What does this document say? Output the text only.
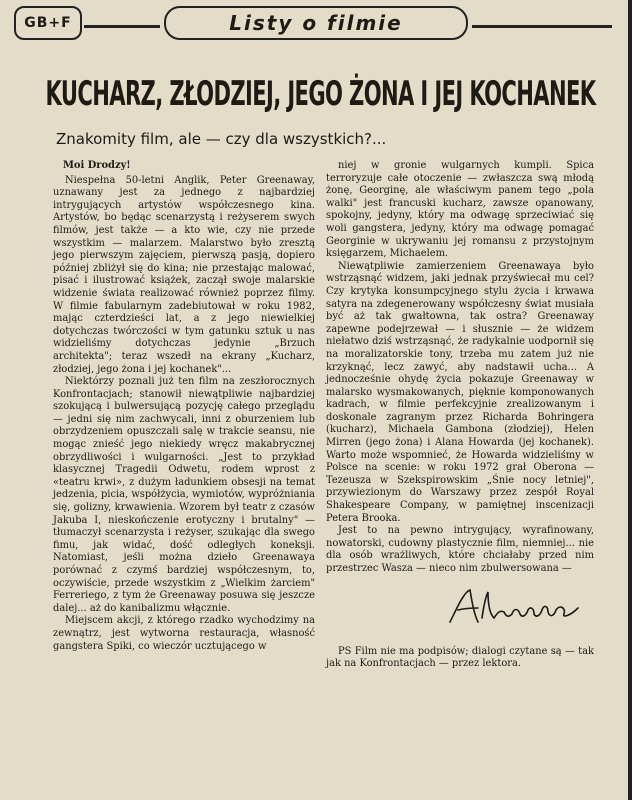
GB+F	Listy o filmie
KUCHARZ, ZŁODZIEJ, JEGO ŻONA I JEJ KOCHANEK
Znakomity film, ale — czy dla wszystkich?...

Moi Drodzy!

Niespełna 50-letni Anglik, Peter Greenaway, uznawany jest za jednego z najbardziej intrygujących artystów współczesnego kina. Artystów, bo będąc scenarzystą i reżyserem swych filmów, jest także — a kto wie, czy nie przede wszystkim — malarzem. Malarstwo było zresztą jego pierwszym zajęciem, pierwszą pasją, dopiero później zbliżył się do kina; nie przestając malować, pisać i ilustrować książek, zaczął swoje malarskie widzenie świata realizować również poprzez filmy. W filmie fabularnym zadebiutował w roku 1982, mając czterdzieści lat, a z jego niewielkiej dotychczas twórczości w tym gatunku sztuk u nas widzieliśmy dotychczas jedynie „Brzuch architekta"; teraz wszedł na ekrany „Kucharz, złodziej, jego żona i jej kochanek"...

Niektórzy poznali już ten film na zeszłorocznych Konfrontacjach; stanowił niewątpliwie najbardziej szokującą i bulwersującą pozycję całego przeglądu — jedni się nim zachwycali, inni z oburzeniem lub obrzydzeniem opuszczali salę w trakcie seansu, nie mogąc znieść jego niekiedy wręcz makabrycznej obrzydliwości i wulgarności. „Jest to przykład klasycznej Tragedii Odwetu, rodem wprost z «teatru krwi», z dużym ładunkiem obsesji na temat jedzenia, picia, współżycia, wymiotów, wypróżniania się, golizny, krwawienia. Wzorem był teatr z czasów Jakuba I, nieskończenie erotyczny i brutalny" — tłumaczył scenarzysta i reżyser, szukając dla swego fimu, jak widać, dość odległych koneksji. Natomiast, jeśli można dzieło Greenawaya porównać z czymś bardziej współczesnym, to, oczywiście, przede wszystkim z „Wielkim żarciem" Ferreriego, z tym że Greenaway posuwa się jeszcze dalej... aż do kanibalizmu włącznie.

Miejscem akcji, z którego rzadko wychodzimy na zewnątrz, jest wytworna restauracja, własność gangstera Spiki, co wieczór ucztującego w

niej w gronie wulgarnych kumpli. Spica terroryzuje całe otoczenie — zwłaszcza swą młodą żonę, Georginę, ale właściwym panem tego „pola walki" jest francuski kucharz, zawsze opanowany, spokojny, jedyny, który ma odwagę sprzeciwiać się woli gangstera, jedyny, który ma odwagę pomagać Georginie w ukrywaniu jej romansu z przystojnym księgarzem, Michaelem.

Niewątpliwie zamierzeniem Greenawaya było wstrząsnąć widzem, jaki jednak przyświecał mu cel? Czy krytyka konsumpcyjnego stylu życia i krwawa satyra na zdegenerowany współczesny świat musiała być aż tak gwałtowna, tak ostra? Greenaway zapewne podejrzewał — i słusznie — że widzem niełatwo dziś wstrząsnąć, że radykalnie uodpornił się na moralizatorskie tony, trzeba mu zatem już nie krzyknąć, lecz zawyć, aby nadstawił ucha... A jednocześnie ohydę życia pokazuje Greenaway w malarsko wysmakowanych, pięknie komponowanych kadrach, w filmie perfekcyjnie zrealizowanym i doskonale zagranym przez Richarda Bohringera (kucharz), Michaela Gambona (złodziej), Helen Mirren (jego żona) i Alana Howarda (jej kochanek). Warto może wspomnieć, że Howarda widzieliśmy w Polsce na scenie: w roku 1972 grał Oberona — Tezeusza w Szekspirowskim „Śnie nocy letniej", przywiezionym do Warszawy przez zespół Royal Shakespeare Company, w pamiętnej inscenizacji Petera Brooka.

Jest to na pewno intrygujący, wyrafinowany, nowatorski, cudowny plastycznie film, niemniej... nie dla osób wrażliwych, które chciałaby przed nim przestrzec Wasza — nieco nim zbulwersowana —

PS Film nie ma podpisów; dialogi czytane są — tak jak na Konfrontacjach — przez lektora.
